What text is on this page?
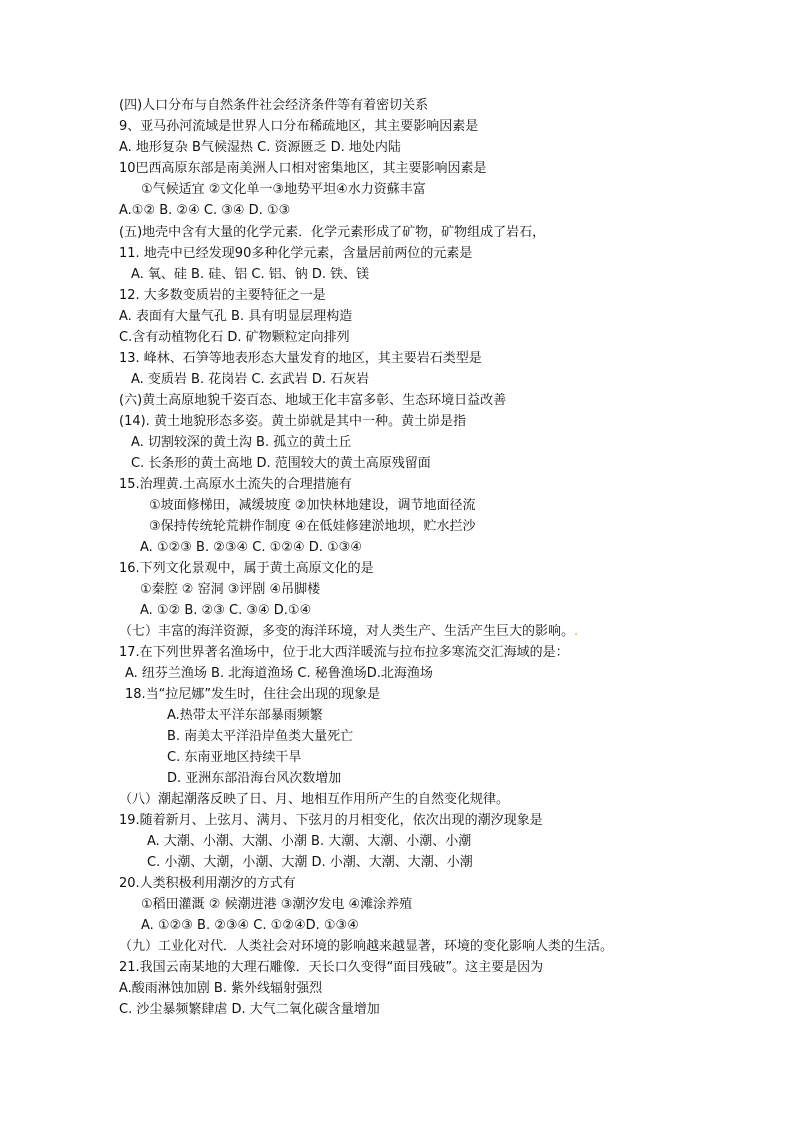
(四)人口分布与自然条件社会经济条件等有着密切关系
9、亚马孙河流域是世界人口分布稀疏地区，其主要影响因素是
A. 地形复杂 B气候湿热 C. 资源匮乏 D. 地处内陆
10巴西高原东部是南美洲人口相对密集地区，其主要影响因素是
①气候适宜 ②文化单一③地势平坦④水力资蘇丰富
A.①② B. ②④ C. ③④ D. ①③
(五)地壳中含有大量的化学元素．化学元素形成了矿物，矿物组成了岩石，
11. 地壳中已经发现90多种化学元素，含量居前两位的元素是
A. 氧、硅 B. 硅、铝 C. 铝、钠 D. 铁、镁
12. 大多数变质岩的主要特征之一是
A. 表面有大量气孔 B. 具有明显层理构造
C.含有动植物化石 D. 矿物颗粒定向排列
13. 峰林、石笋等地表形态大量发育的地区，其主要岩石类型是
A. 变质岩 B. 花岗岩 C. 玄武岩 D. 石灰岩
(六)黄土高原地貌千姿百态、地域王化丰富多彰、生态环境日益改善
(14). 黄土地貌形态多姿。黄土峁就是其中一种。黄土峁是指
A. 切割较深的黄土沟 B. 孤立的黄土丘
C. 长条形的黄土高地 D. 范围较大的黄土高原残留面
15.治理黄.土高原水土流失的合理措施有
①坡面修梯田，减缓坡度 ②加快林地建设，调节地面径流
③保持传统轮荒耕作制度 ④在低娃修建淤地坝，贮水拦沙
A. ①②③ B. ②③④ C. ①②④ D. ①③④
16.下列文化景观中，属于黄土高原文化的是
①秦腔 ② 窑洞 ③评剧 ④吊脚楼
A. ①② B. ②③ C. ③④ D.①④
（七）丰富的海洋资源，多变的海洋环境，对人类生产、生活产生巨大的影响。.
17.在下列世界著名渔场中，位于北大西洋暖流与拉布拉多寒流交汇海域的是：
A. 纽芬兰渔场 B. 北海道渔场 C. 秘鲁渔场D.北海渔场
18.当“拉尼娜”发生时，住往会出现的现象是
A.热带太平洋东部暴雨频繁
B. 南美太平洋沿岸鱼类大量死亡
C. 东南亚地区持续干旱
D. 亚洲东部沿海台风次数增加
（八）潮起潮落反映了日、月、地相互作用所产生的自然变化规律。
19.随着新月、上弦月、满月、下弦月的月相变化，依次出现的潮汐现象是
A. 大潮、小潮、大潮、小潮 B. 大潮、大潮、小潮、小潮
C. 小潮、大潮，小潮、大潮 D. 小潮、大潮、大潮、小潮
20.人类积极利用潮汐的方式有
①稻田灌溉 ② 候潮进港 ③潮汐发电 ④滩涂养殖
A. ①②③ B. ②③④ C. ①②④D. ①③④
（九）工业化对代．人类社会对环境的影响越来越显著，环境的变化影响人类的生活。
21.我国云南某地的大理石雕像．天长口久变得“面目残破”。这主要是因为
A.酸雨淋蚀加剧 B. 紫外线辐射强烈
C. 沙尘暴频繁肆虐 D. 大气二氧化碳含量增加
